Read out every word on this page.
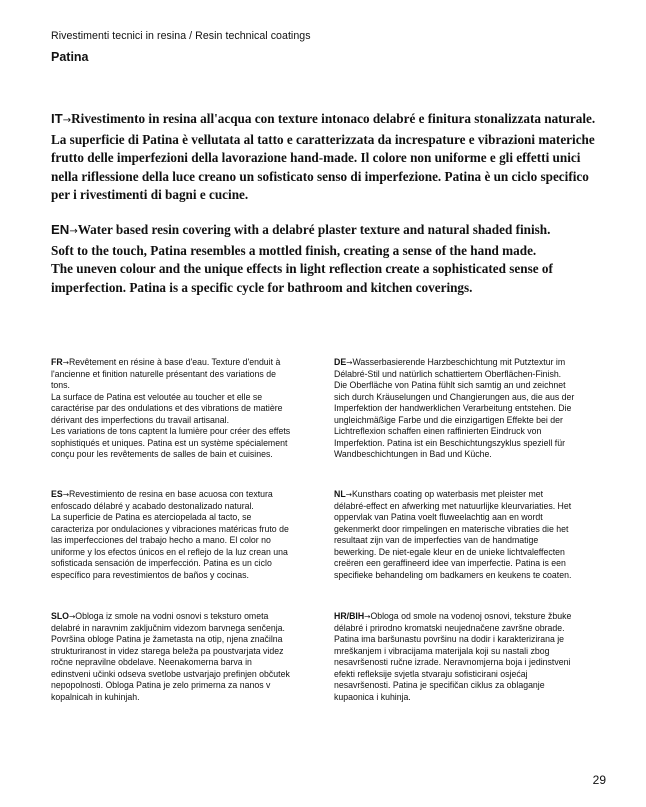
Rivestimenti tecnici in resina / Resin technical coatings
Patina

IT→Rivestimento in resina all'acqua con texture intonaco delabré e finitura stonalizzata naturale.
La superficie di Patina è vellutata al tatto e caratterizzata da increspature e vibrazioni materiche frutto delle imperfezioni della lavorazione hand-made. Il colore non uniforme e gli effetti unici nella riflessione della luce creano un sofisticato senso di imperfezione. Patina è un ciclo specifico per i rivestimenti di bagni e cucine.

EN→Water based resin covering with a delabré plaster texture and natural shaded finish.
Soft to the touch, Patina resembles a mottled finish, creating a sense of the hand made.
The uneven colour and the unique effects in light reflection create a sophisticated sense of imperfection. Patina is a specific cycle for bathroom and kitchen coverings.

FR→Revêtement en résine à base d'eau. Texture d'enduit à l'ancienne et finition naturelle présentant des variations de tons.

La surface de Patina est veloutée au toucher et elle se caractérise par des ondulations et des vibrations de matière dérivant des imperfections du travail artisanal.

Les variations de tons captent la lumière pour créer des effets sophistiqués et uniques. Patina est un système spécialement conçu pour les revêtements de salles de bain et cuisines.

DE→Wasserbasierende Harzbeschichtung mit Putztextur im Délabré-Stil und natürlich schattiertem Oberflächen-Finish. Die Oberfläche von Patina fühlt sich samtig an und zeichnet sich durch Kräuselungen und Changierungen aus, die aus der Imperfektion der handwerklichen Verarbeitung entstehen. Die ungleichmäßige Farbe und die einzigartigen Effekte bei der Lichtreflexion schaffen einen raffinierten Eindruck von Imperfektion. Patina ist ein Beschichtungszyklus speziell für Wandbeschichtungen in Bad und Küche.

ES→Revestimiento de resina en base acuosa con textura enfoscado délabré y acabado destonalizado natural.

La superficie de Patina es aterciopelada al tacto, se caracteriza por ondulaciones y vibraciones matéricas fruto de las imperfecciones del trabajo hecho a mano. El color no uniforme y los efectos únicos en el reflejo de la luz crean una sofisticada sensación de imperfección. Patina es un ciclo específico para revestimientos de baños y cocinas.

NL→Kunsthars coating op waterbasis met pleister met délabré-effect en afwerking met natuurlijke kleurvariaties. Het oppervlak van Patina voelt fluweelachtig aan en wordt gekenmerkt door rimpelingen en materische vibraties die het resultaat zijn van de imperfecties van de handmatige bewerking. De niet-egale kleur en de unieke lichtvaleffecten creëren een geraffineerd idee van imperfectie. Patina is een specifieke behandeling om badkamers en keukens te coaten.

SLO→Obloga iz smole na vodni osnovi s teksturo ometa delabré in naravnim zaključnim videzom barvnega senčenja.

Površina obloge Patina je žametasta na otip, njena značilna strukturiranost in videz starega beleža pa poustvarjata videz ročne nepravilne obdelave. Neenakomerna barva in edinstveni učinki odseva svetlobe ustvarjajo prefinjen občutek nepopolnosti. Obloga Patina je zelo primerna za nanos v kopalnicah in kuhinjah.

HR/BIH→Obloga od smole na vodenoj osnovi, teksture žbuke délabré i prirodno kromatski neujednačene završne obrade.

Patina ima baršunastu površinu na dodir i karakterizirana je mreškanjem i vibracijama materijala koji su nastali zbog nesavršenosti ručne izrade. Neravnomjerna boja i jedinstveni efekti refleksije svjetla stvaraju sofisticirani osjećaj nesavršenosti. Patina je specifičan ciklus za oblaganje kupaonica i kuhinja.

29
